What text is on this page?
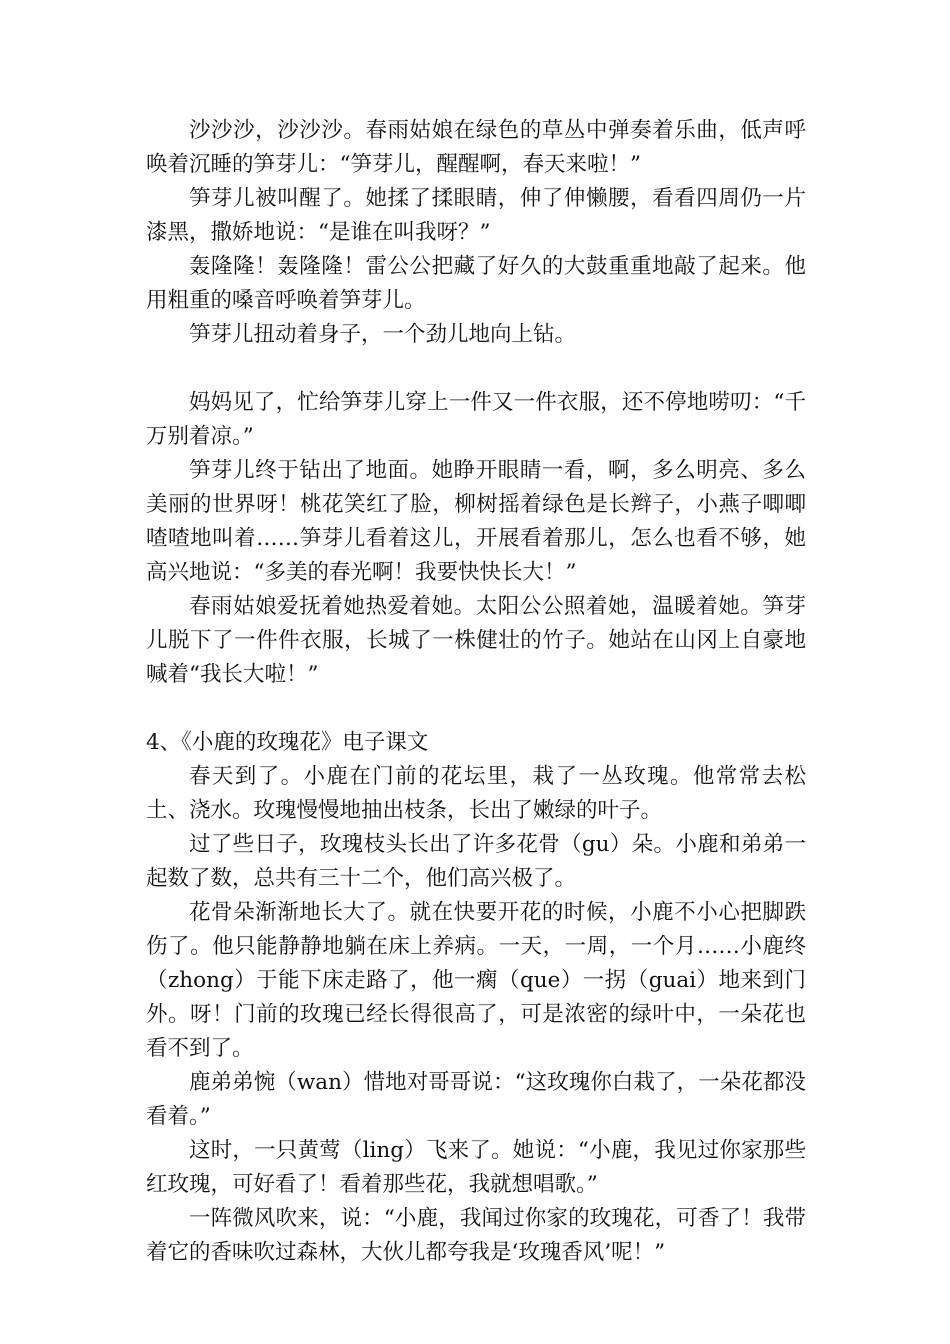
沙沙沙，沙沙沙。春雨姑娘在绿色的草丛中弹奏着乐曲，低声呼唤着沉睡的笋芽儿：“笋芽儿，醒醒啊，春天来啦！”

笋芽儿被叫醒了。她揉了揉眼睛，伸了伸懒腰，看看四周仍一片漆黑，撒娇地说：“是谁在叫我呀？”

轰隆隆！轰隆隆！雷公公把藏了好久的大鼓重重地敲了起来。他用粗重的嗓音呼唤着笋芽儿。

笋芽儿扭动着身子，一个劲儿地向上钻。

妈妈见了，忙给笋芽儿穿上一件又一件衣服，还不停地唠叨：“千万别着凉。”

笋芽儿终于钻出了地面。她睁开眼睛一看，啊，多么明亮、多么美丽的世界呀！桃花笑红了脸，柳树摇着绿色是长辫子，小燕子唧唧喳喳地叫着……笋芽儿看着这儿，开展看着那儿，怎么也看不够，她高兴地说：“多美的春光啊！我要快快长大！”

春雨姑娘爱抚着她热爱着她。太阳公公照着她，温暖着她。笋芽儿脱下了一件件衣服，长城了一株健壮的竹子。她站在山冈上自豪地喊着“我长大啦！”

4、《小鹿的玫瑰花》电子课文

春天到了。小鹿在门前的花坛里，栽了一丛玫瑰。他常常去松土、浇水。玫瑰慢慢地抽出枝条，长出了嫩绿的叶子。

过了些日子，玫瑰枝头长出了许多花骨（gu）朵。小鹿和弟弟一起数了数，总共有三十二个，他们高兴极了。

花骨朵渐渐地长大了。就在快要开花的时候，小鹿不小心把脚跌伤了。他只能静静地躺在床上养病。一天，一周，一个月……小鹿终（zhong）于能下床走路了，他一瘸（que）一拐（guai）地来到门外。呀！门前的玫瑰已经长得很高了，可是浓密的绿叶中，一朵花也看不到了。

鹿弟弟惋（wan）惜地对哥哥说：“这玫瑰你白栽了，一朵花都没看着。”

这时，一只黄莺（ling）飞来了。她说：“小鹿，我见过你家那些红玫瑰，可好看了！看着那些花，我就想唱歌。”

一阵微风吹来，说：“小鹿，我闻过你家的玫瑰花，可香了！我带着它的香味吹过森林，大伙儿都夸我是‘玫瑰香风’呢！”
